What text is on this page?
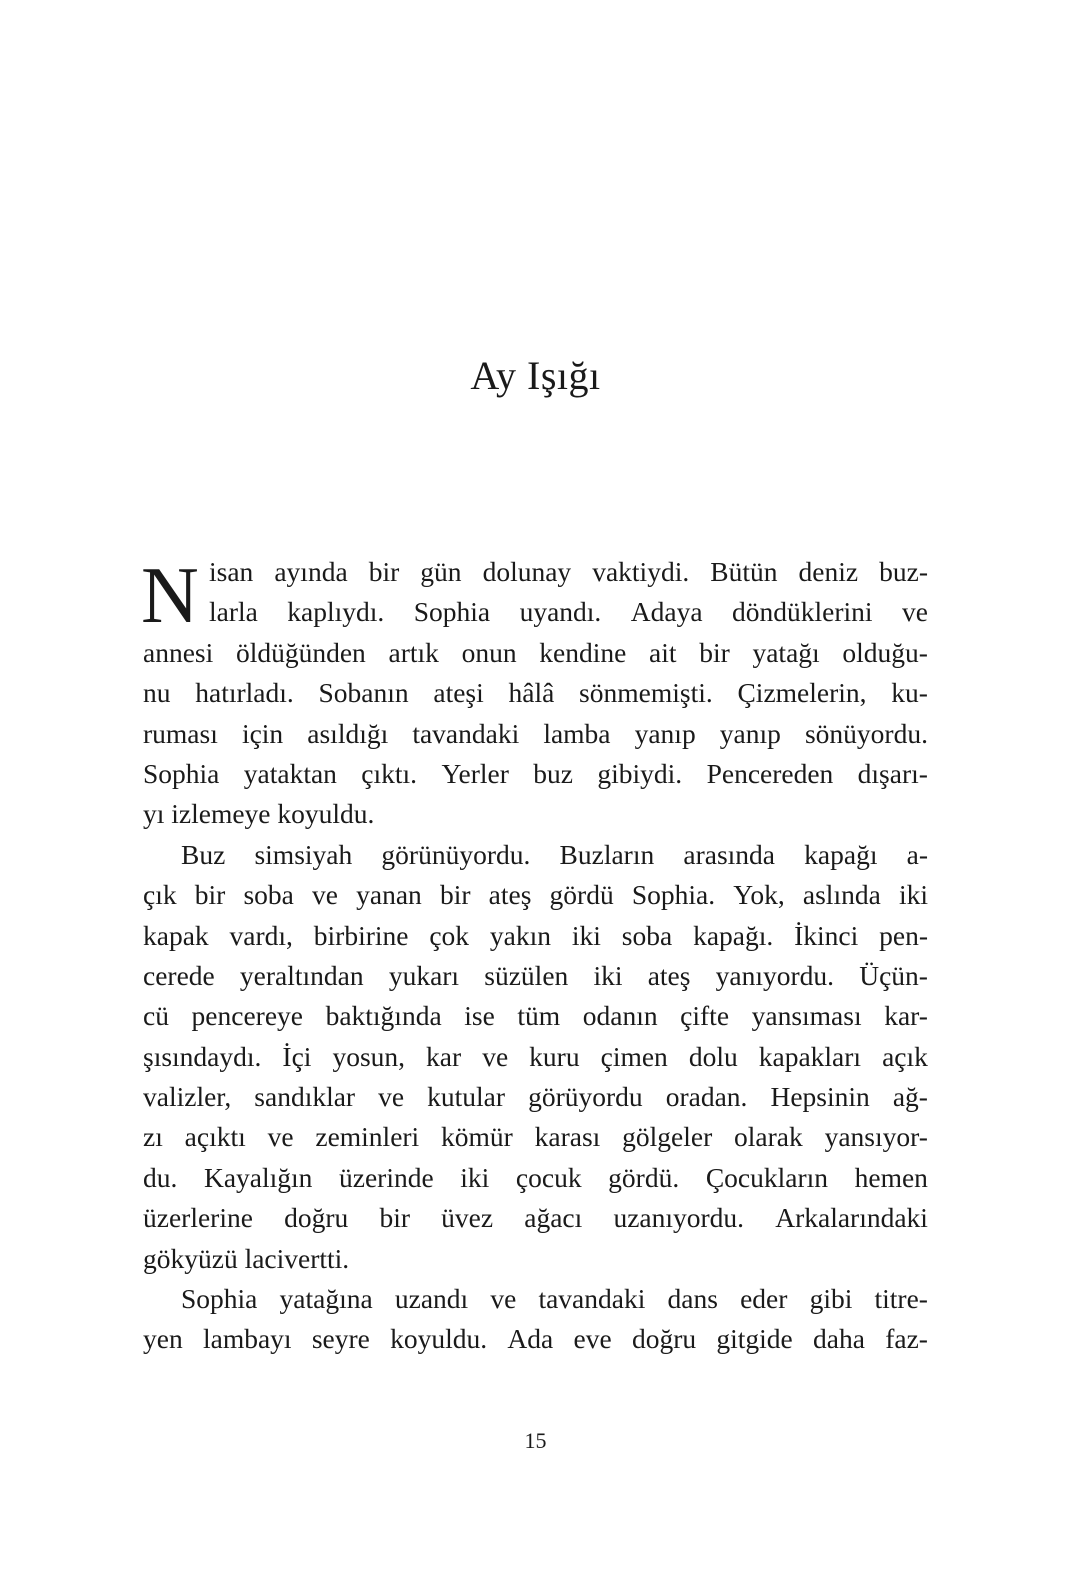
Ay Işığı
N isan ayında bir gün dolunay vaktiydi. Bütün deniz buz-
larla kaplıydı. Sophia uyandı. Adaya döndüklerini ve
annesi öldüğünden artık onun kendine ait bir yatağı olduğu-
nu hatırladı. Sobanın ateşi hâlâ sönmemişti. Çizmelerin, ku-
ruması için asıldığı tavandaki lamba yanıp yanıp sönüyordu.
Sophia yataktan çıktı. Yerler buz gibiydi. Pencereden dışarı-
yı izlemeye koyuldu.
Buz simsiyah görünüyordu. Buzların arasında kapağı a-
çık bir soba ve yanan bir ateş gördü Sophia. Yok, aslında iki
kapak vardı, birbirine çok yakın iki soba kapağı. İkinci pen-
cerede yeraltından yukarı süzülen iki ateş yanıyordu. Üçün-
cü pencereye baktığında ise tüm odanın çifte yansıması kar-
şısındaydı. İçi yosun, kar ve kuru çimen dolu kapakları açık
valizler, sandıklar ve kutular görüyordu oradan. Hepsinin ağ-
zı açıktı ve zeminleri kömür karası gölgeler olarak yansıyor-
du. Kayalığın üzerinde iki çocuk gördü. Çocukların hemen
üzerlerine doğru bir üvez ağacı uzanıyordu. Arkalarındaki
gökyüzü lacivertti.
Sophia yatağına uzandı ve tavandaki dans eder gibi titre-
yen lambayı seyre koyuldu. Ada eve doğru gitgide daha faz-
15
